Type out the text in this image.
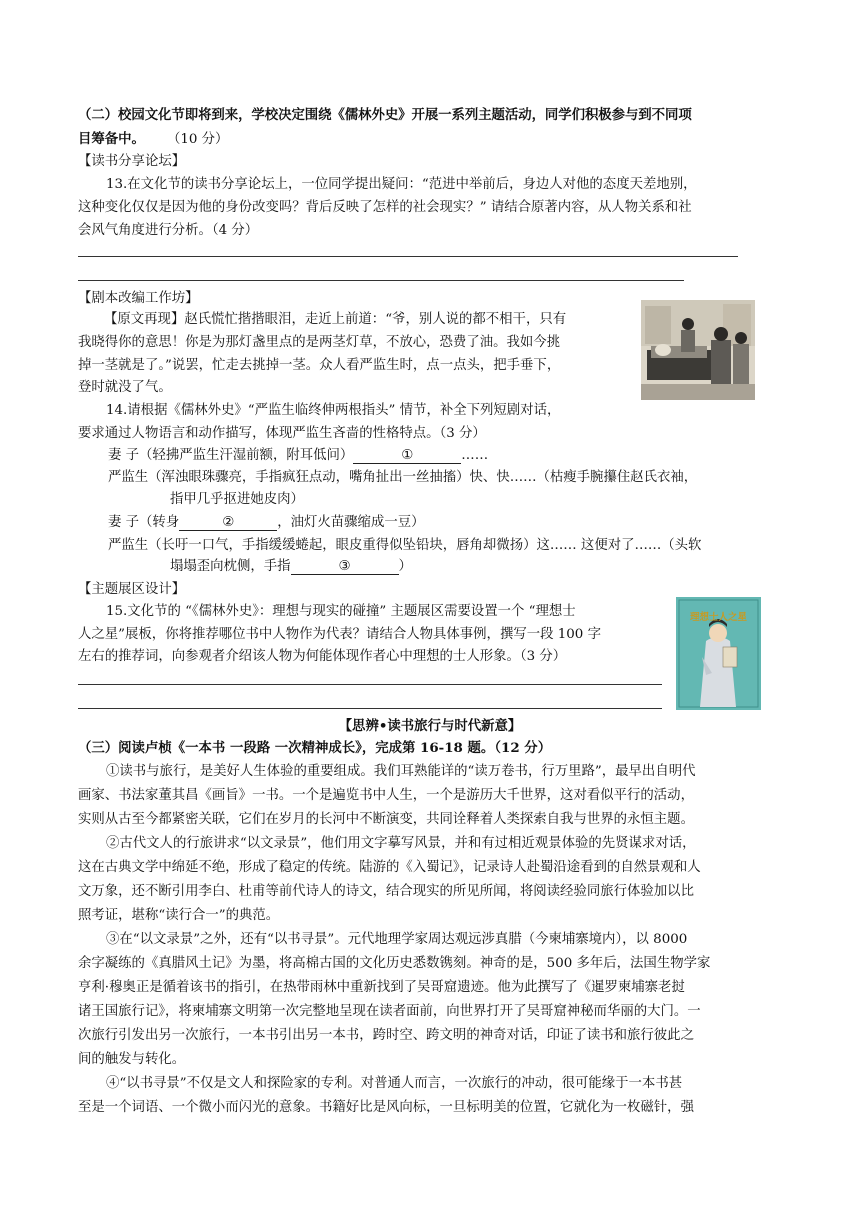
（二）校园文化节即将到来，学校决定围绕《儒林外史》开展一系列主题活动，同学们积极参与到不同项
目筹备中。 （10 分）
【读书分享论坛】
13.在文化节的读书分享论坛上，一位同学提出疑问：“范进中举前后，身边人对他的态度天差地别，
这种变化仅仅是因为他的身份改变吗？背后反映了怎样的社会现实？” 请结合原著内容，从人物关系和社
会风气角度进行分析。（4 分）
【剧本改编工作坊】
【原文再现】赵氏慌忙揩揩眼泪，走近上前道：“爷，别人说的都不相干，只有
我晓得你的意思！你是为那灯盏里点的是两茎灯草，不放心，恐费了油。我如今挑
掉一茎就是了。”说罢，忙走去挑掉一茎。众人看严监生时，点一点头，把手垂下，
登时就没了气。
14.请根据《儒林外史》“严监生临终伸两根指头” 情节，补全下列短剧对话，
要求通过人物语言和动作描写，体现严监生吝啬的性格特点。（3 分）
妻 子（轻拂严监生汗湿前额，附耳低问）	①	……
严监生（浑浊眼珠骤亮，手指疯狂点动，嘴角扯出一丝抽搐）快、快……（枯瘦手腕攥住赵氏衣袖，
指甲几乎抠进她皮肉）
妻 子（转身	②	，油灯火苗骤缩成一豆）
严监生（长吁一口气，手指缓缓蜷起，眼皮重得似坠铅块，唇角却微扬）这…… 这便对了……（头软
塌塌歪向枕侧，手指	③	）
【主题展区设计】
15.文化节的 “《儒林外史》：理想与现实的碰撞” 主题展区需要设置一个 “理想士
人之星”展板，你将推荐哪位书中人物作为代表？请结合人物具体事例，撰写一段 100 字
左右的推荐词，向参观者介绍该人物为何能体现作者心中理想的士人形象。（3 分）
理想士人之星
【思辨•读书旅行与时代新意】
（三）阅读卢桢《一本书 一段路 一次精神成长》，完成第 16-18 题。（12 分）
①读书与旅行，是美好人生体验的重要组成。我们耳熟能详的“读万卷书，行万里路”，最早出自明代
画家、书法家董其昌《画旨》一书。一个是遍览书中人生，一个是游历大千世界，这对看似平行的活动，
实则从古至今都紧密关联，它们在岁月的长河中不断演变，共同诠释着人类探索自我与世界的永恒主题。
②古代文人的行旅讲求“以文录景”，他们用文字摹写风景，并和有过相近观景体验的先贤谋求对话，
这在古典文学中绵延不绝，形成了稳定的传统。陆游的《入蜀记》，记录诗人赴蜀沿途看到的自然景观和人
文万象，还不断引用李白、杜甫等前代诗人的诗文，结合现实的所见所闻，将阅读经验同旅行体验加以比
照考证，堪称“读行合一”的典范。
③在“以文录景”之外，还有“以书寻景”。元代地理学家周达观远涉真腊（今柬埔寨境内），以 8000
余字凝练的《真腊风土记》为墨，将高棉古国的文化历史悉数镌刻。神奇的是，500 多年后，法国生物学家
亨利·穆奥正是循着该书的指引，在热带雨林中重新找到了吴哥窟遗迹。他为此撰写了《暹罗柬埔寨老挝
诸王国旅行记》，将柬埔寨文明第一次完整地呈现在读者面前，向世界打开了吴哥窟神秘而华丽的大门。一
次旅行引发出另一次旅行，一本书引出另一本书，跨时空、跨文明的神奇对话，印证了读书和旅行彼此之
间的触发与转化。
④“以书寻景”不仅是文人和探险家的专利。对普通人而言，一次旅行的冲动，很可能缘于一本书甚
至是一个词语、一个微小而闪光的意象。书籍好比是风向标，一旦标明美的位置，它就化为一枚磁针，强
